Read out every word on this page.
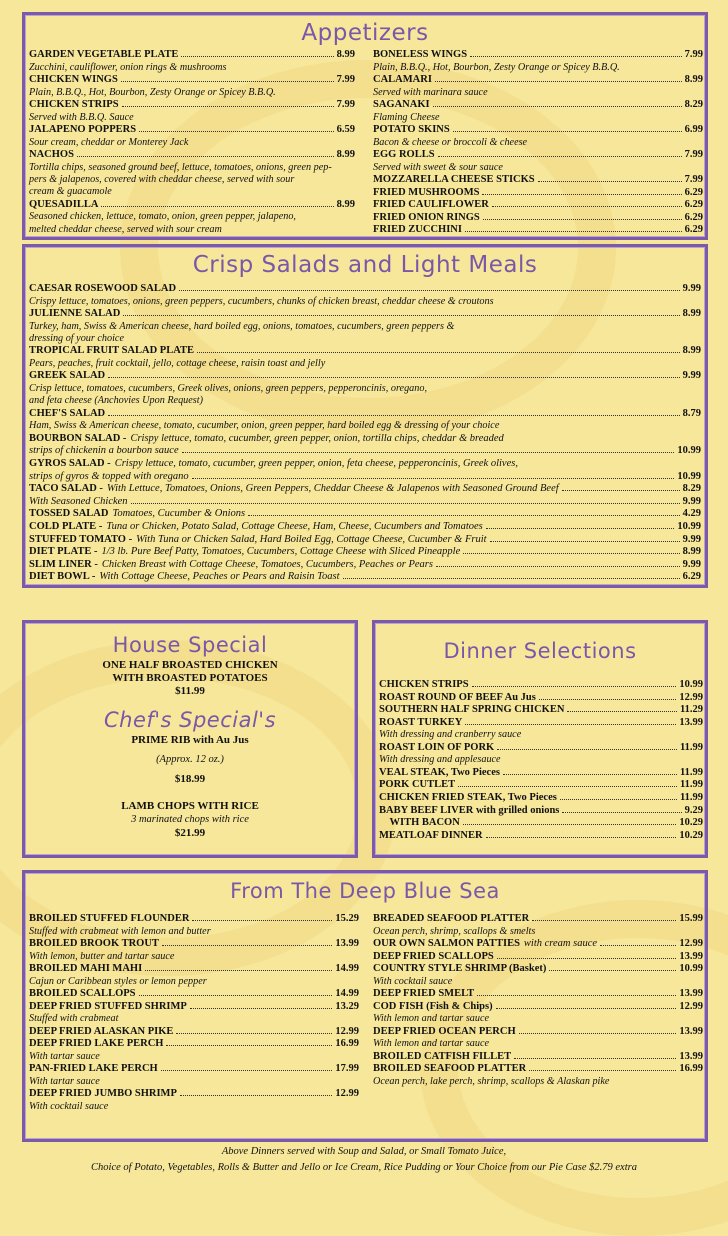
Appetizers
GARDEN VEGETABLE PLATE	8.99
Zucchini, cauliflower, onion rings & mushrooms
CHICKEN WINGS	7.99
Plain, B.B.Q., Hot, Bourbon, Zesty Orange or Spicey B.B.Q.
CHICKEN STRIPS	7.99
Served with B.B.Q. Sauce
JALAPENO POPPERS	6.59
Sour cream, cheddar or Monterey Jack
NACHOS	8.99
Tortilla chips, seasoned ground beef, lettuce, tomatoes, onions, green pep-
pers & jalapenos, covered with cheddar cheese, served with sour
cream & guacamole
QUESADILLA	8.99
Seasoned chicken, lettuce, tomato, onion, green pepper, jalapeno,
melted cheddar cheese, served with sour cream
BONELESS WINGS	7.99
Plain, B.B.Q., Hot, Bourbon, Zesty Orange or Spicey B.B.Q.
CALAMARI	8.99
Served with marinara sauce
SAGANAKI	8.29
Flaming Cheese
POTATO SKINS	6.99
Bacon & cheese or broccoli & cheese
EGG ROLLS	7.99
Served with sweet & sour sauce
MOZZARELLA CHEESE STICKS	7.99
FRIED MUSHROOMS	6.29
FRIED CAULIFLOWER	6.29
FRIED ONION RINGS	6.29
FRIED ZUCCHINI	6.29
Crisp Salads and Light Meals
CAESAR ROSEWOOD SALAD	9.99
Crispy lettuce, tomatoes, onions, green peppers, cucumbers, chunks of chicken breast, cheddar cheese & croutons
JULIENNE SALAD	8.99
Turkey, ham, Swiss & American cheese, hard boiled egg, onions, tomatoes, cucumbers, green peppers &
dressing of your choice
TROPICAL FRUIT SALAD PLATE	8.99
Pears, peaches, fruit cocktail, jello, cottage cheese, raisin toast and jelly
GREEK SALAD	9.99
Crisp lettuce, tomatoes, cucumbers, Greek olives, onions, green peppers, pepperoncinis, oregano,
and feta cheese (Anchovies Upon Request)
CHEF'S SALAD	8.79
Ham, Swiss & American cheese, tomato, cucumber, onion, green pepper, hard boiled egg & dressing of your choice
BOURBON SALAD - Crispy lettuce, tomato, cucumber, green pepper, onion, tortilla chips, cheddar & breaded
strips of chickenin a bourbon sauce	10.99
GYROS SALAD - Crispy lettuce, tomato, cucumber, green pepper, onion, feta cheese, pepperoncinis, Greek olives,
strips of gyros & topped with oregano	10.99
TACO SALAD - With Lettuce, Tomatoes, Onions, Green Peppers, Cheddar Cheese & Jalapenos with Seasoned Ground Beef	8.29
With Seasoned Chicken	9.99
TOSSED SALAD Tomatoes, Cucumber & Onions	4.29
COLD PLATE - Tuna or Chicken, Potato Salad, Cottage Cheese, Ham, Cheese, Cucumbers and Tomatoes	10.99
STUFFED TOMATO - With Tuna or Chicken Salad, Hard Boiled Egg, Cottage Cheese, Cucumber & Fruit	9.99
DIET PLATE - 1/3 lb. Pure Beef Patty, Tomatoes, Cucumbers, Cottage Cheese with Sliced Pineapple	8.99
SLIM LINER - Chicken Breast with Cottage Cheese, Tomatoes, Cucumbers, Peaches or Pears	9.99
DIET BOWL - With Cottage Cheese, Peaches or Pears and Raisin Toast	6.29
House Special
ONE HALF BROASTED CHICKEN
WITH BROASTED POTATOES
$11.99
Chef's Special's
PRIME RIB with Au Jus
(Approx. 12 oz.)
$18.99
LAMB CHOPS WITH RICE
3 marinated chops with rice
$21.99
Dinner Selections
CHICKEN STRIPS	10.99
ROAST ROUND OF BEEF Au Jus	12.99
SOUTHERN HALF SPRING CHICKEN	11.29
ROAST TURKEY	13.99
With dressing and cranberry sauce
ROAST LOIN OF PORK	11.99
With dressing and applesauce
VEAL STEAK, Two Pieces	11.99
PORK CUTLET	11.99
CHICKEN FRIED STEAK, Two Pieces	11.99
BABY BEEF LIVER with grilled onions	9.29
WITH BACON	10.29
MEATLOAF DINNER	10.29
From The Deep Blue Sea
BROILED STUFFED FLOUNDER	15.29
Stuffed with crabmeat with lemon and butter
BROILED BROOK TROUT	13.99
With lemon, butter and tartar sauce
BROILED MAHI MAHI	14.99
Cajun or Caribbean styles or lemon pepper
BROILED SCALLOPS	14.99
DEEP FRIED STUFFED SHRIMP	13.29
Stuffed with crabmeat
DEEP FRIED ALASKAN PIKE	12.99
DEEP FRIED LAKE PERCH	16.99
With tartar sauce
PAN-FRIED LAKE PERCH	17.99
With tartar sauce
DEEP FRIED JUMBO SHRIMP	12.99
With cocktail sauce
BREADED SEAFOOD PLATTER	15.99
Ocean perch, shrimp, scallops & smelts
OUR OWN SALMON PATTIES with cream sauce	12.99
DEEP FRIED SCALLOPS	13.99
COUNTRY STYLE SHRIMP (Basket)	10.99
With cocktail sauce
DEEP FRIED SMELT	13.99
COD FISH (Fish & Chips)	12.99
With lemon and tartar sauce
DEEP FRIED OCEAN PERCH	13.99
With lemon and tartar sauce
BROILED CATFISH FILLET	13.99
BROILED SEAFOOD PLATTER	16.99
Ocean perch, lake perch, shrimp, scallops & Alaskan pike
Above Dinners served with Soup and Salad, or Small Tomato Juice,
Choice of Potato, Vegetables, Rolls & Butter and Jello or Ice Cream, Rice Pudding or Your Choice from our Pie Case $2.79 extra
